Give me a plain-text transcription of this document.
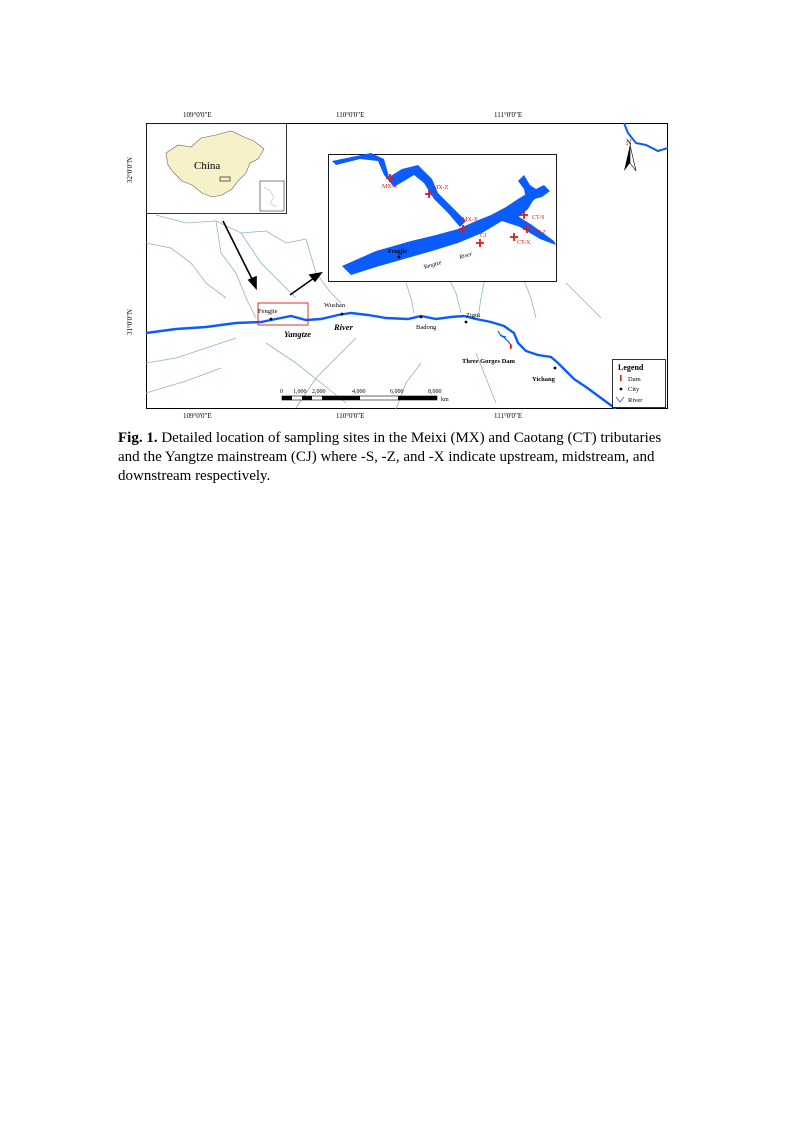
109°0'0"E	110°0'0"E	111°0'0"E
109°0'0"E	110°0'0"E	111°0'0"E
32°0'0"N
31°0'0"N	Fengjie
Wushan
Badong
Zigui
Yichang
Yangtze
River
Three Gorges Dam
China
MX-S	MX-Z
MX-X
CJ
CT-S
CT-Z
CT-X
Fengjie
Yangtze
River
N
0 1,000 2,000	4,000	6,000	8,000
km
Legend
Dam
City
River
Fig. 1. Detailed location of sampling sites in the Meixi (MX) and Caotang (CT) tributaries and the Yangtze mainstream (CJ) where -S, -Z, and -X indicate upstream, midstream, and downstream respectively.
